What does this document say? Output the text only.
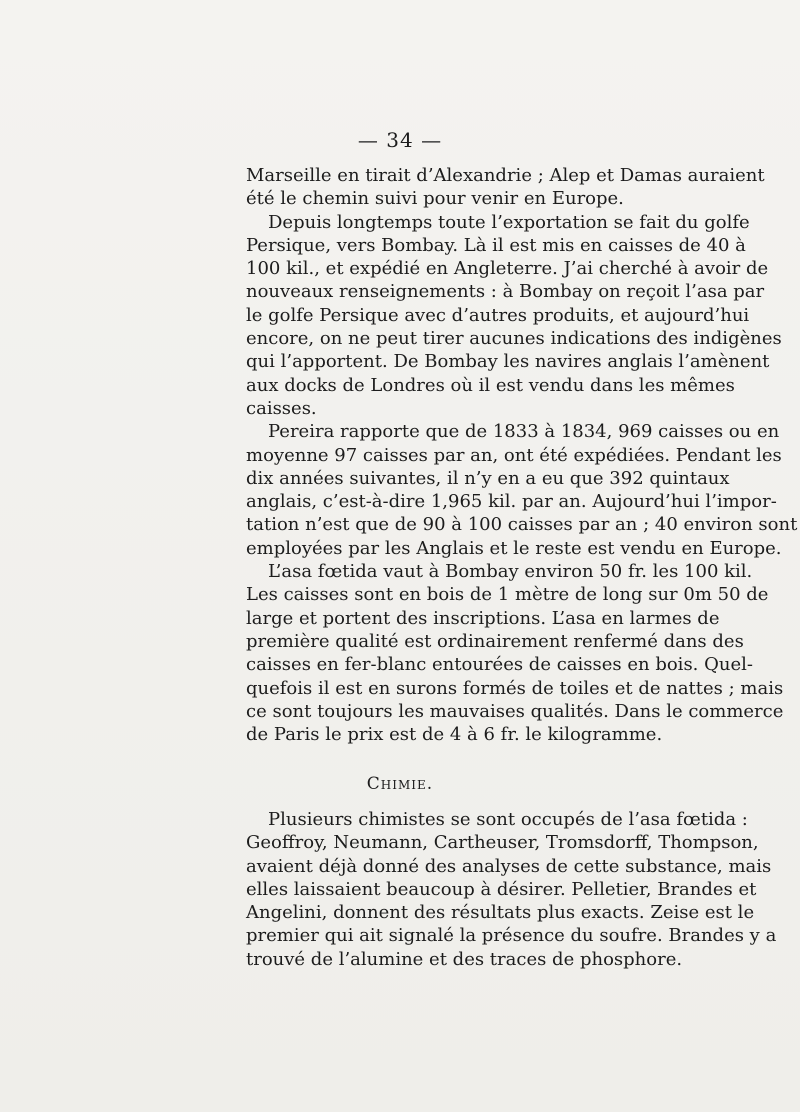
— 34 —
Marseille en tirait d’Alexandrie ; Alep et Damas auraient
été le chemin suivi pour venir en Europe.
Depuis longtemps toute l’exportation se fait du golfe
Persique, vers Bombay. Là il est mis en caisses de 40 à
100 kil., et expédié en Angleterre. J’ai cherché à avoir de
nouveaux renseignements : à Bombay on reçoit l’asa par
le golfe Persique avec d’autres produits, et aujourd’hui
encore, on ne peut tirer aucunes indications des indigènes
qui l’apportent. De Bombay les navires anglais l’amènent
aux docks de Londres où il est vendu dans les mêmes
caisses.
Pereira rapporte que de 1833 à 1834, 969 caisses ou en
moyenne 97 caisses par an, ont été expédiées. Pendant les
dix années suivantes, il n’y en a eu que 392 quintaux
anglais, c’est-à-dire 1,965 kil. par an. Aujourd’hui l’impor-
tation n’est que de 90 à 100 caisses par an ; 40 environ sont
employées par les Anglais et le reste est vendu en Europe.
L’asa fœtida vaut à Bombay environ 50 fr. les 100 kil.
Les caisses sont en bois de 1 mètre de long sur 0m 50 de
large et portent des inscriptions. L’asa en larmes de
première qualité est ordinairement renfermé dans des
caisses en fer-blanc entourées de caisses en bois. Quel-
quefois il est en surons formés de toiles et de nattes ; mais
ce sont toujours les mauvaises qualités. Dans le commerce
de Paris le prix est de 4 à 6 fr. le kilogramme.
Chimie.
Plusieurs chimistes se sont occupés de l’asa fœtida :
Geoffroy, Neumann, Cartheuser, Tromsdorff, Thompson,
avaient déjà donné des analyses de cette substance, mais
elles laissaient beaucoup à désirer. Pelletier, Brandes et
Angelini, donnent des résultats plus exacts. Zeise est le
premier qui ait signalé la présence du soufre. Brandes y a
trouvé de l’alumine et des traces de phosphore.
